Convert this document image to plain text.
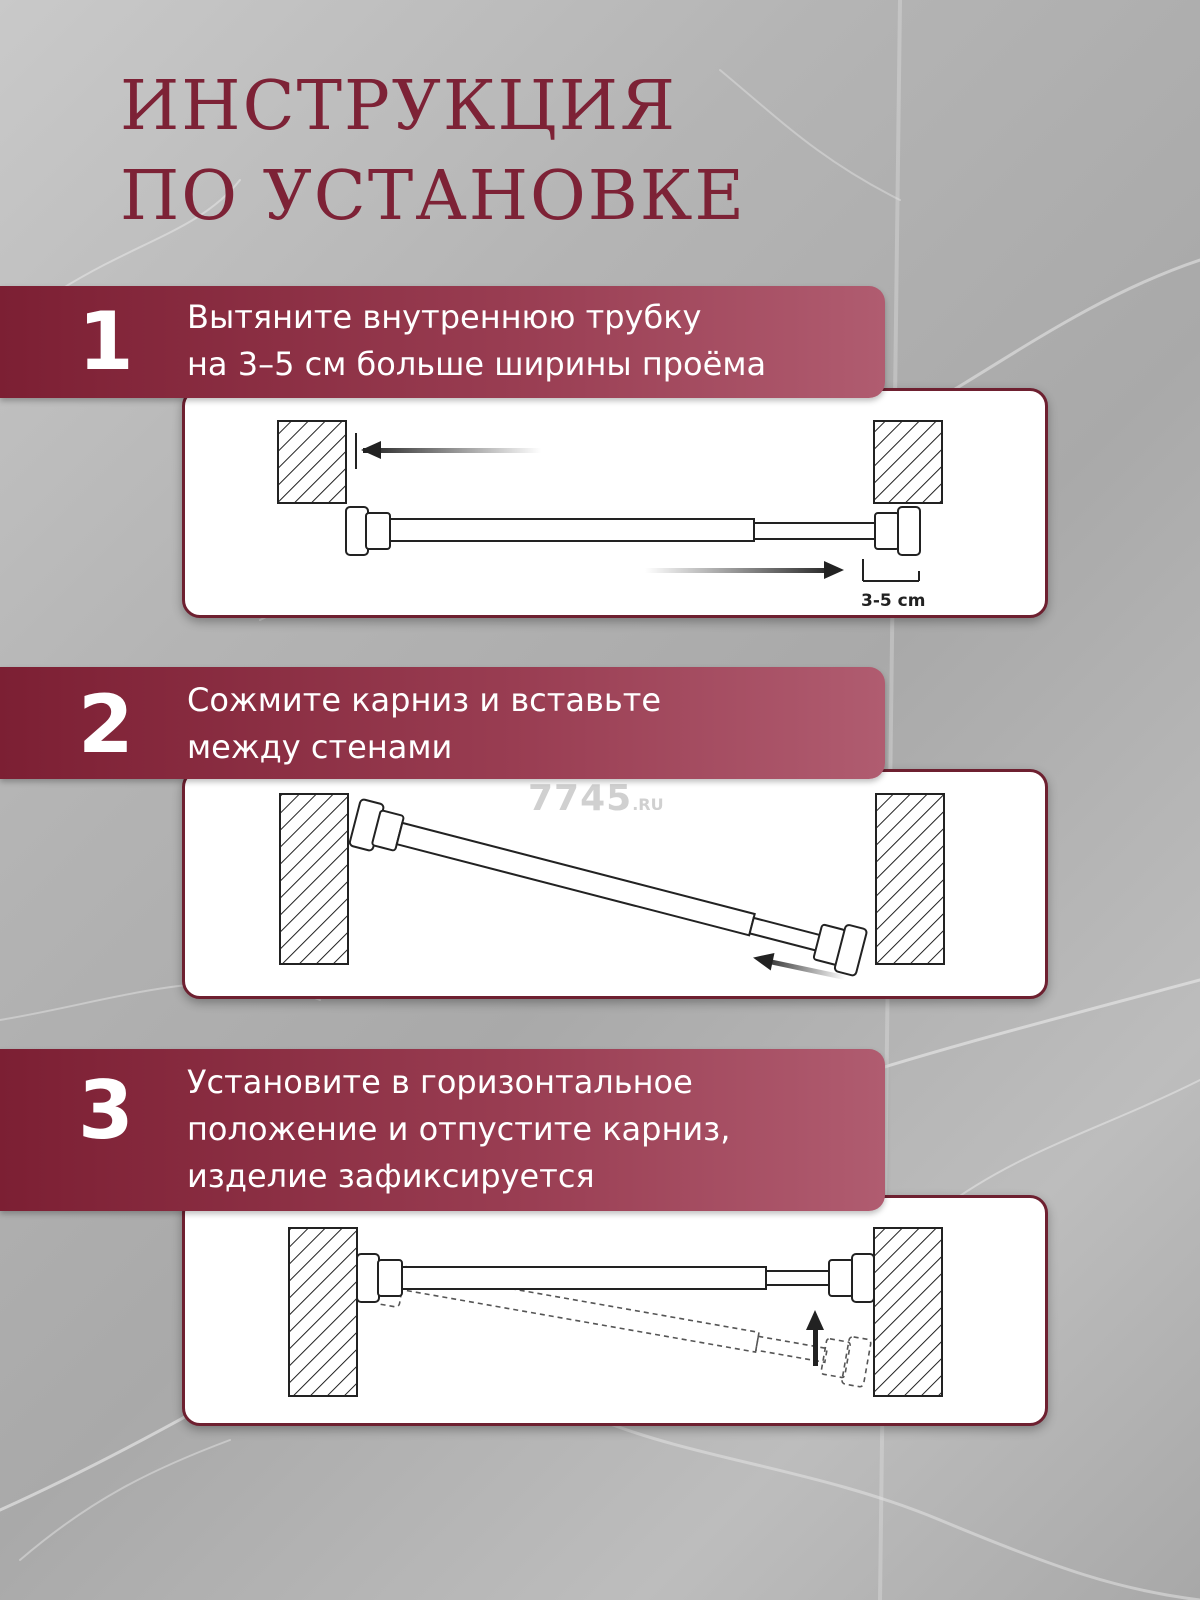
ИНСТРУКЦИЯ
ПО УСТАНОВКЕ
1 Вытяните внутреннюю трубку
на 3–5 см больше ширины проёма

3-5 cm
2 Сожмите карниз и вставьте
между стенами

3 Установите в горизонтальное
положение и отпустите карниз,
изделие зафиксируется

7745.RU
